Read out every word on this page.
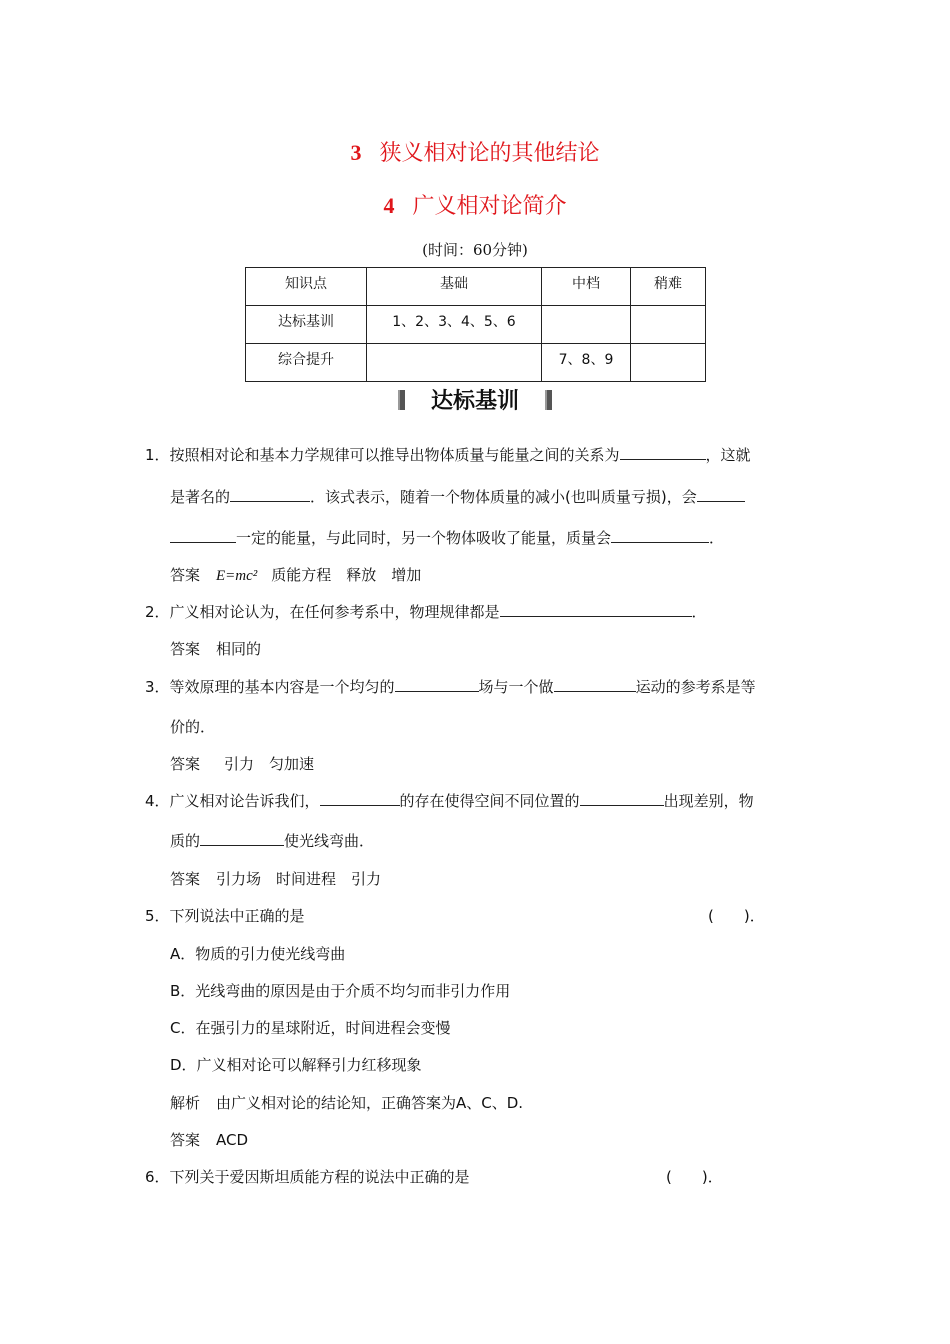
3 狭义相对论的其他结论
4 广义相对论简介
(时间：60分钟)
知识点	基础	中档	稍难

达标基训	1、2、3、4、5、6		

综合提升		7、8、9	

达标基训
1．按照相对论和基本力学规律可以推导出物体质量与能量之间的关系为	，这就
是著名的	．该式表示，随着一个物体质量的减小(也叫质量亏损)，会
一定的能量，与此同时，另一个物体吸收了能量，质量会	．
答案 E=mc² 质能方程　释放　增加
2．广义相对论认为，在任何参考系中，物理规律都是	．
答案 相同的
3．等效原理的基本内容是一个均匀的	场与一个做	运动的参考系是等
价的．
答案 引力　匀加速
4．广义相对论告诉我们，	的存在使得空间不同位置的	出现差别，物
质的	使光线弯曲．
答案 引力场　时间进程　引力
5．下列说法中正确的是	(　　)．
A．物质的引力使光线弯曲
B．光线弯曲的原因是由于介质不均匀而非引力作用
C．在强引力的星球附近，时间进程会变慢
D．广义相对论可以解释引力红移现象
解析 由广义相对论的结论知，正确答案为A、C、D.
答案 ACD
6．下列关于爱因斯坦质能方程的说法中正确的是	(　　)．
